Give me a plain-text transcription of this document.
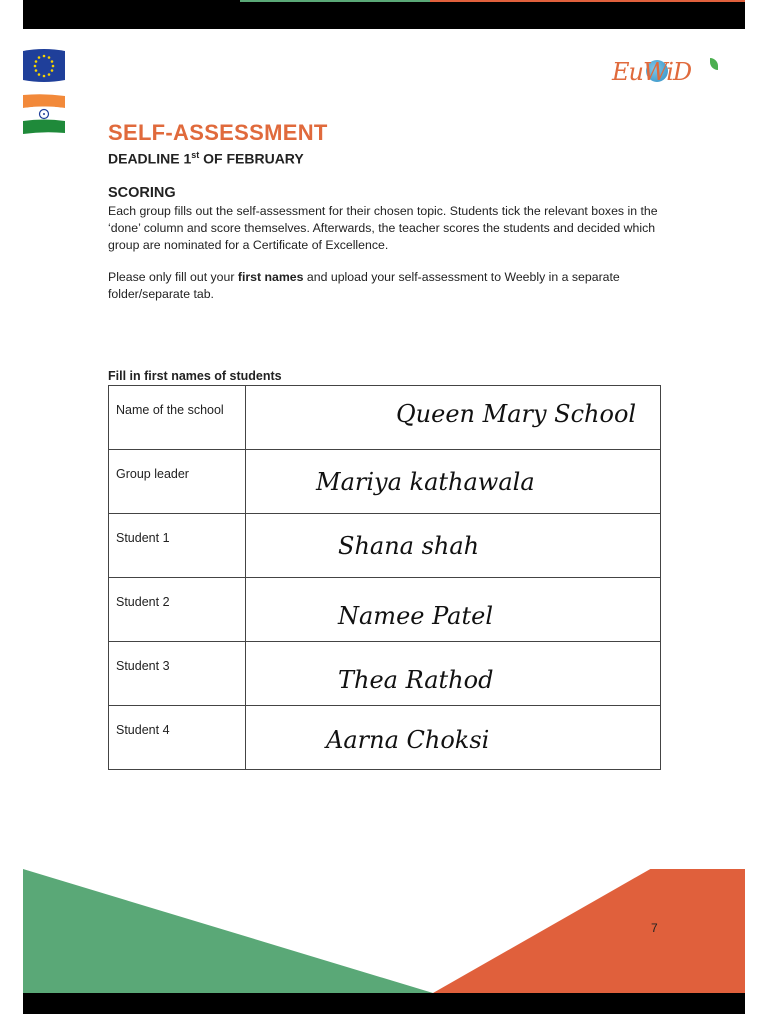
EuWiD
SELF-ASSESSMENT
DEADLINE 1st OF FEBRUARY
SCORING

Each group fills out the self-assessment for their chosen topic. Students tick the relevant boxes in the ‘done’ column and score themselves. Afterwards, the teacher scores the students and decided which group are nominated for a Certificate of Excellence.

Please only fill out your first names and upload your self-assessment to Weebly in a separate folder/separate tab.

Fill in first names of students
Name of the school	Queen Mary School
Group leader	Mariya kathawala
Student 1	Shana shah
Student 2	Namee Patel
Student 3	Thea Rathod
Student 4	Aarna Choksi
7
